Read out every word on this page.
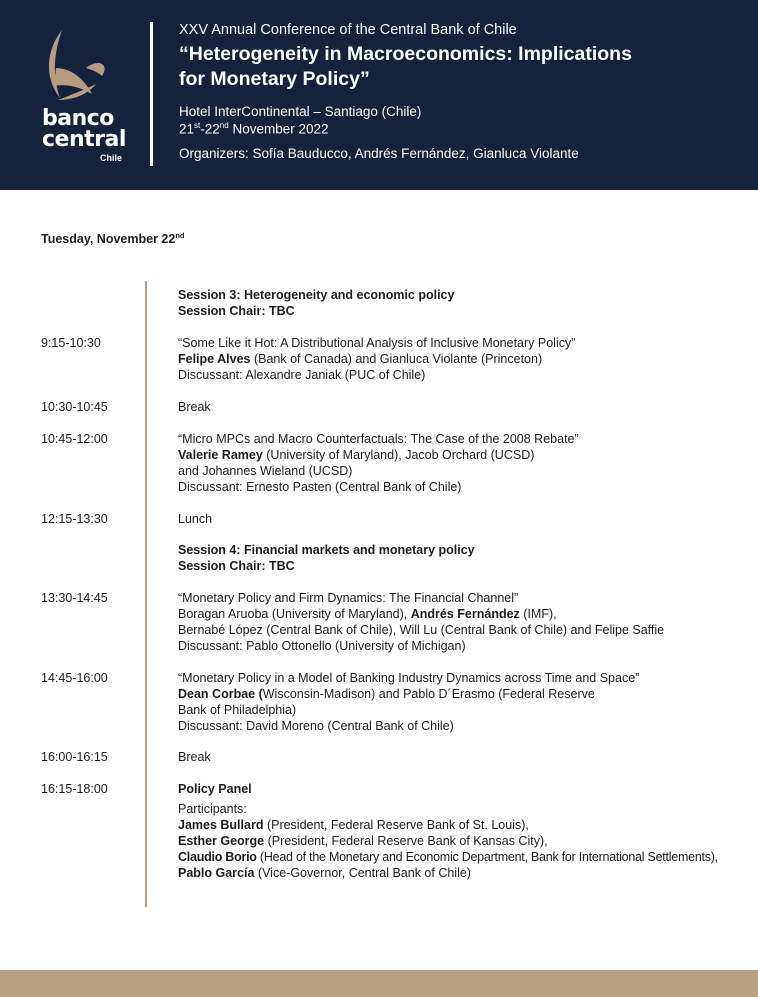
banco
central
Chile
XXV Annual Conference of the Central Bank of Chile
“Heterogeneity in Macroeconomics: Implications
for Monetary Policy”
Hotel InterContinental – Santiago (Chile)
21st-22nd November 2022
Organizers: Sofía Bauducco, Andrés Fernández, Gianluca Violante
Tuesday, November 22nd
Session 3: Heterogeneity and economic policy
Session Chair: TBC
9:15-10:30	“Some Like it Hot: A Distributional Analysis of Inclusive Monetary Policy”
Felipe Alves (Bank of Canada) and Gianluca Violante (Princeton)
Discussant: Alexandre Janiak (PUC of Chile)
10:30-10:45	Break
10:45-12:00	“Micro MPCs and Macro Counterfactuals: The Case of the 2008 Rebate”
Valerie Ramey (University of Maryland), Jacob Orchard (UCSD)
and Johannes Wieland (UCSD)
Discussant: Ernesto Pasten (Central Bank of Chile)
12:15-13:30	Lunch
Session 4: Financial markets and monetary policy
Session Chair: TBC
13:30-14:45	“Monetary Policy and Firm Dynamics: The Financial Channel”
Boragan Aruoba (University of Maryland), Andrés Fernández (IMF),
Bernabé López (Central Bank of Chile), Will Lu (Central Bank of Chile) and Felipe Saffie
Discussant: Pablo Ottonello (University of Michigan)
14:45-16:00	“Monetary Policy in a Model of Banking Industry Dynamics across Time and Space”
Dean Corbae (Wisconsin-Madison) and Pablo D´Erasmo (Federal Reserve
Bank of Philadelphia)
Discussant: David Moreno (Central Bank of Chile)
16:00-16:15	Break
16:15-18:00	Policy Panel
Participants:
James Bullard (President, Federal Reserve Bank of St. Louis),
Esther George (President, Federal Reserve Bank of Kansas City),
Claudio Borio (Head of the Monetary and Economic Department, Bank for International Settlements),
Pablo García (Vice-Governor, Central Bank of Chile)
